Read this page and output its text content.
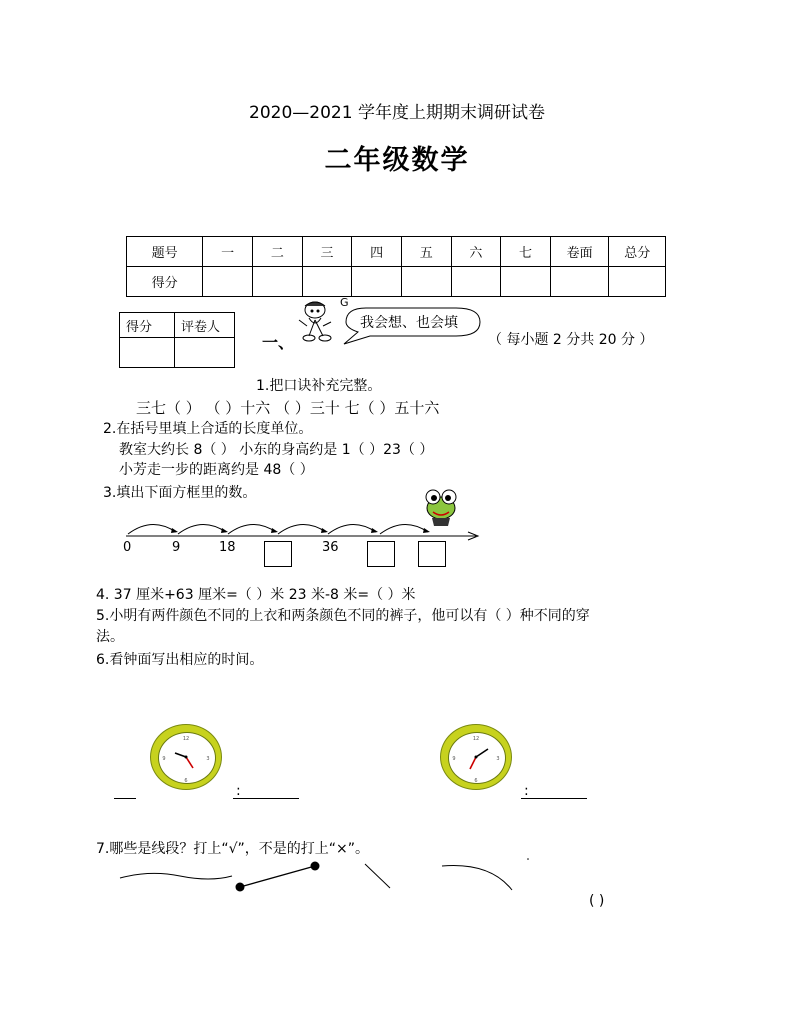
2020—2021 学年度上期期末调研试卷
二年级数学
题号	一	二	三	四	五	六	七	卷面	总分
得分									
得分	评卷人

一、
G
我会想、也会填
（ 每小题 2 分共 20 分 ）
1.把口诀补充完整。
三七（ ） （ ）十六 （ ）三十 七（ ）五十六
2.在括号里填上合适的长度单位。
教室大约长 8（ ） 小东的身高约是 1（ ）23（ ）
小芳走一步的距离约是 48（ ）
3.填出下面方框里的数。
0	9	18	36
4. 37 厘米+63 厘米=（ ）米 23 米-8 米=（ ）米
5.小明有两件颜色不同的上衣和两条颜色不同的裤子，他可以有（ ）种不同的穿
法。
6.看钟面写出相应的时间。
12
6
9	3
12
6
9	3
:	:
7.哪些是线段？打上“√”，不是的打上“×”。
( )
